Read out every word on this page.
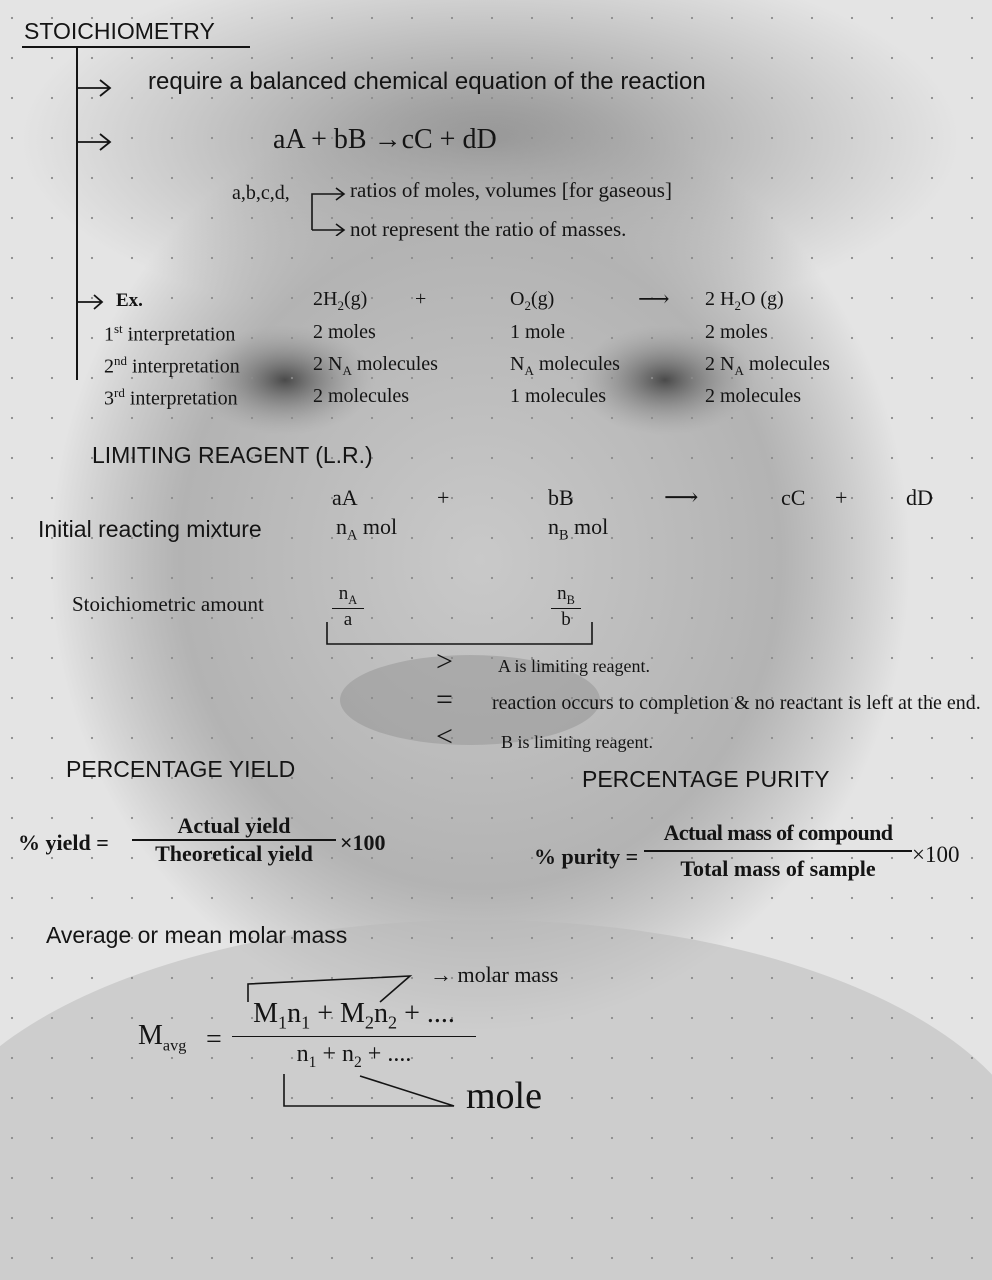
STOICHIOMETRY
require a balanced chemical equation of the reaction
aA + bB →cC + dD
a,b,c,d,	ratios of moles, volumes [for gaseous]
not represent the ratio of masses.
Ex.	$2H_2(g)$ +	$O_2(g)$	⟶ 2 $H_2O$ (g)
1st interpretation	2 moles	1 mole	2 moles
2nd interpretation	2 $N_A$ molecules	$N_A$ molecules	2 $N_A$ molecules
3rd interpretation	2 molecules	1 molecules	2 molecules
LIMITING REAGENT (L.R.)
aA	+	bB	⟶	cC +	dD
Initial reacting mixture	$n_A$ mol	$n_B$ mol
Stoichiometric amount	$n_A$
a
$n_B$
b
>
=
<
A is limiting reagent.
reaction occurs to completion & no reactant is left at the end.
B is limiting reagent.
PERCENTAGE YIELD
% yield =
Actual yield
Theoretical yield	×100
PERCENTAGE PURITY
% purity =
Actual mass of compound
Total mass of sample
×100
Average or mean molar mass
→ molar mass
$M_{avg}$ =
$M_1n_1 + M_2n_2$ + ....
$n_1 + n_2$ + ....
mole
